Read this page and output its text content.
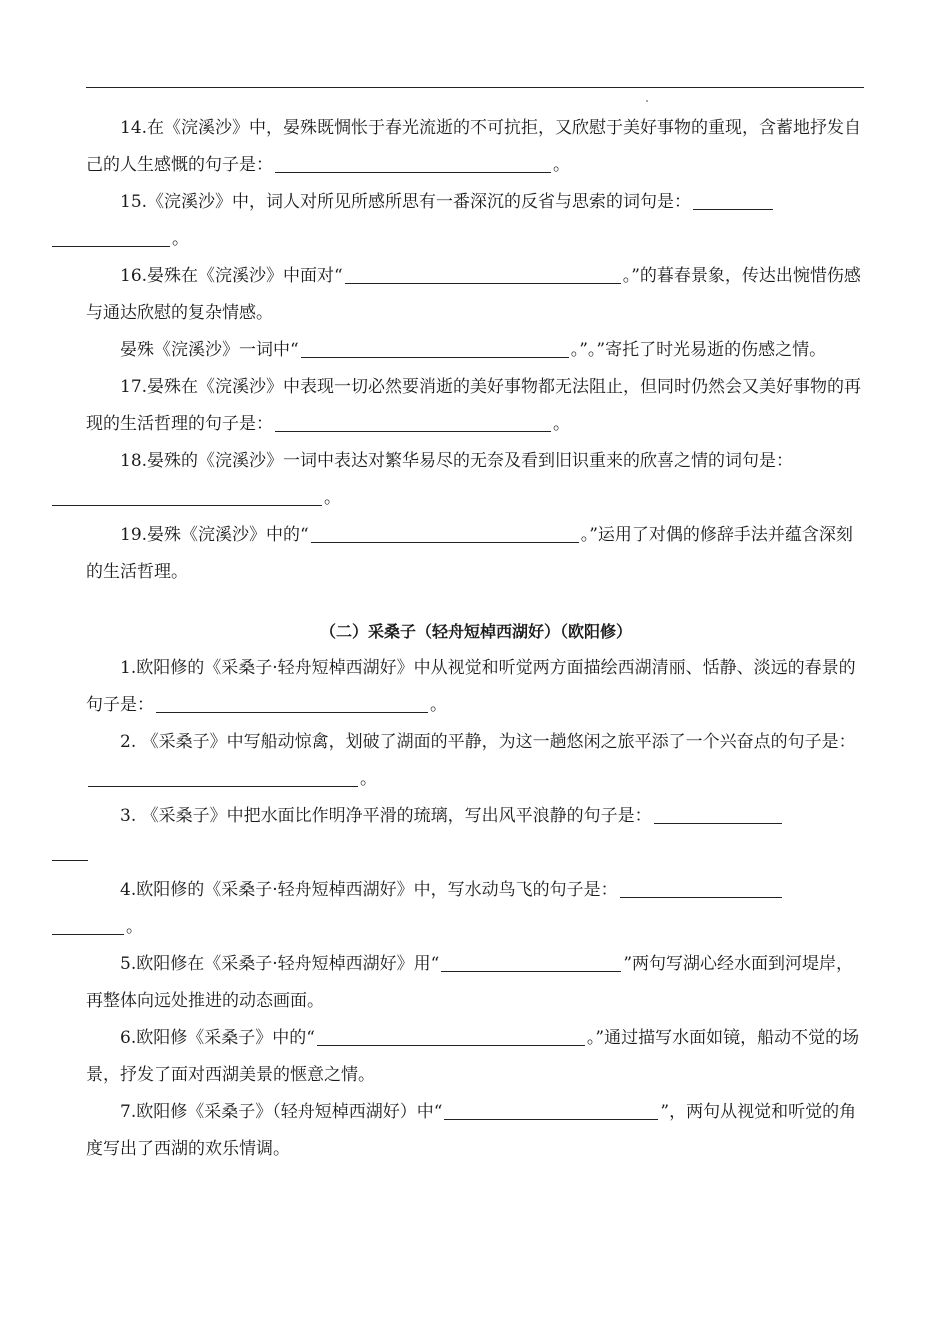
14.在《浣溪沙》中，晏殊既惆怅于春光流逝的不可抗拒，又欣慰于美好事物的重现，含蓄地抒发自己的人生感慨的句子是：	。

15.《浣溪沙》中，词人对所见所感所思有一番深沉的反省与思索的词句是：
。

16.晏殊在《浣溪沙》中面对“	。”的暮春景象，传达出惋惜伤感与通达欣慰的复杂情感。

晏殊《浣溪沙》一词中“	。”。”寄托了时光易逝的伤感之情。

17.晏殊在《浣溪沙》中表现一切必然要消逝的美好事物都无法阻止，但同时仍然会又美好事物的再现的生活哲理的句子是：	。

18.晏殊的《浣溪沙》一词中表达对繁华易尽的无奈及看到旧识重来的欣喜之情的词句是：
。

19.晏殊《浣溪沙》中的“	。”运用了对偶的修辞手法并蕴含深刻的生活哲理。

（二）采桑子（轻舟短棹西湖好）（欧阳修）

1.欧阳修的《采桑子·轻舟短棹西湖好》中从视觉和听觉两方面描绘西湖清丽、恬静、淡远的春景的句子是：	。

2. 《采桑子》中写船动惊禽，划破了湖面的平静，为这一趟悠闲之旅平添了一个兴奋点的句子是：。

3. 《采桑子》中把水面比作明净平滑的琉璃，写出风平浪静的句子是：

4.欧阳修的《采桑子·轻舟短棹西湖好》中，写水动鸟飞的句子是：
。

5.欧阳修在《采桑子·轻舟短棹西湖好》用“	”两句写湖心经水面到河堤岸，再整体向远处推进的动态画面。

6.欧阳修《采桑子》中的“	。”通过描写水面如镜，船动不觉的场景，抒发了面对西湖美景的惬意之情。

7.欧阳修《采桑子》（轻舟短棹西湖好）中“	”，两句从视觉和听觉的角度写出了西湖的欢乐情调。
